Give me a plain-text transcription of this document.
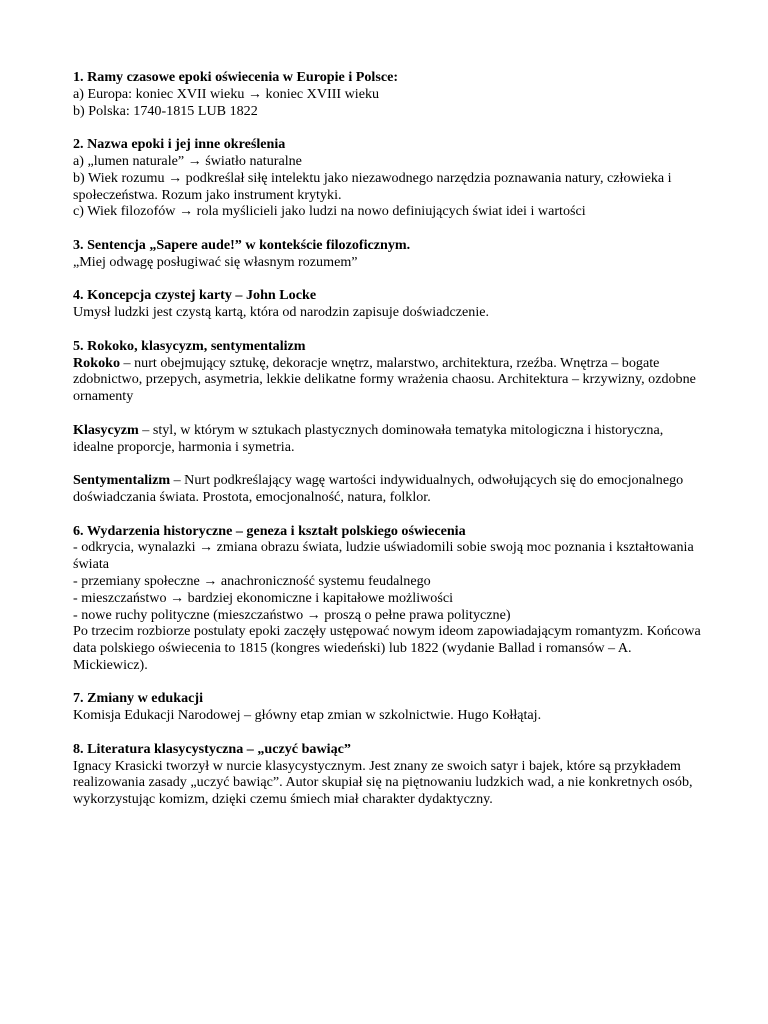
1. Ramy czasowe epoki oświecenia w Europie i Polsce:
a) Europa: koniec XVII wieku → koniec XVIII wieku
b) Polska: 1740-1815 LUB 1822
2. Nazwa epoki i jej inne określenia
a) „lumen naturale” → światło naturalne
b) Wiek rozumu → podkreślał siłę intelektu jako niezawodnego narzędzia poznawania natury, człowieka i społeczeństwa. Rozum jako instrument krytyki.
c) Wiek filozofów → rola myślicieli jako ludzi na nowo definiujących świat idei i wartości
3. Sentencja „Sapere aude!” w kontekście filozoficznym.
„Miej odwagę posługiwać się własnym rozumem”
4. Koncepcja czystej karty – John Locke
Umysł ludzki jest czystą kartą, która od narodzin zapisuje doświadczenie.
5. Rokoko, klasycyzm, sentymentalizm
Rokoko – nurt obejmujący sztukę, dekoracje wnętrz, malarstwo, architektura, rzeźba. Wnętrza – bogate zdobnictwo, przepych, asymetria, lekkie delikatne formy wrażenia chaosu. Architektura – krzywizny, ozdobne ornamenty
Klasycyzm – styl, w którym w sztukach plastycznych dominowała tematyka mitologiczna i historyczna, idealne proporcje, harmonia i symetria.
Sentymentalizm – Nurt podkreślający wagę wartości indywidualnych, odwołujących się do emocjonalnego doświadczania świata. Prostota, emocjonalność, natura, folklor.
6. Wydarzenia historyczne – geneza i kształt polskiego oświecenia
- odkrycia, wynalazki → zmiana obrazu świata, ludzie uświadomili sobie swoją moc poznania i kształtowania świata
- przemiany społeczne → anachroniczność systemu feudalnego
- mieszczaństwo → bardziej ekonomiczne i kapitałowe możliwości
- nowe ruchy polityczne (mieszczaństwo → proszą o pełne prawa polityczne)
Po trzecim rozbiorze postulaty epoki zaczęły ustępować nowym ideom zapowiadającym romantyzm. Końcowa data polskiego oświecenia to 1815 (kongres wiedeński) lub 1822 (wydanie Ballad i romansów – A. Mickiewicz).
7. Zmiany w edukacji
Komisja Edukacji Narodowej – główny etap zmian w szkolnictwie. Hugo Kołłątaj.
8. Literatura klasycystyczna – „uczyć bawiąc”
Ignacy Krasicki tworzył w nurcie klasycystycznym. Jest znany ze swoich satyr i bajek, które są przykładem realizowania zasady „uczyć bawiąc”. Autor skupiał się na piętnowaniu ludzkich wad, a nie konkretnych osób, wykorzystując komizm, dzięki czemu śmiech miał charakter dydaktyczny.
